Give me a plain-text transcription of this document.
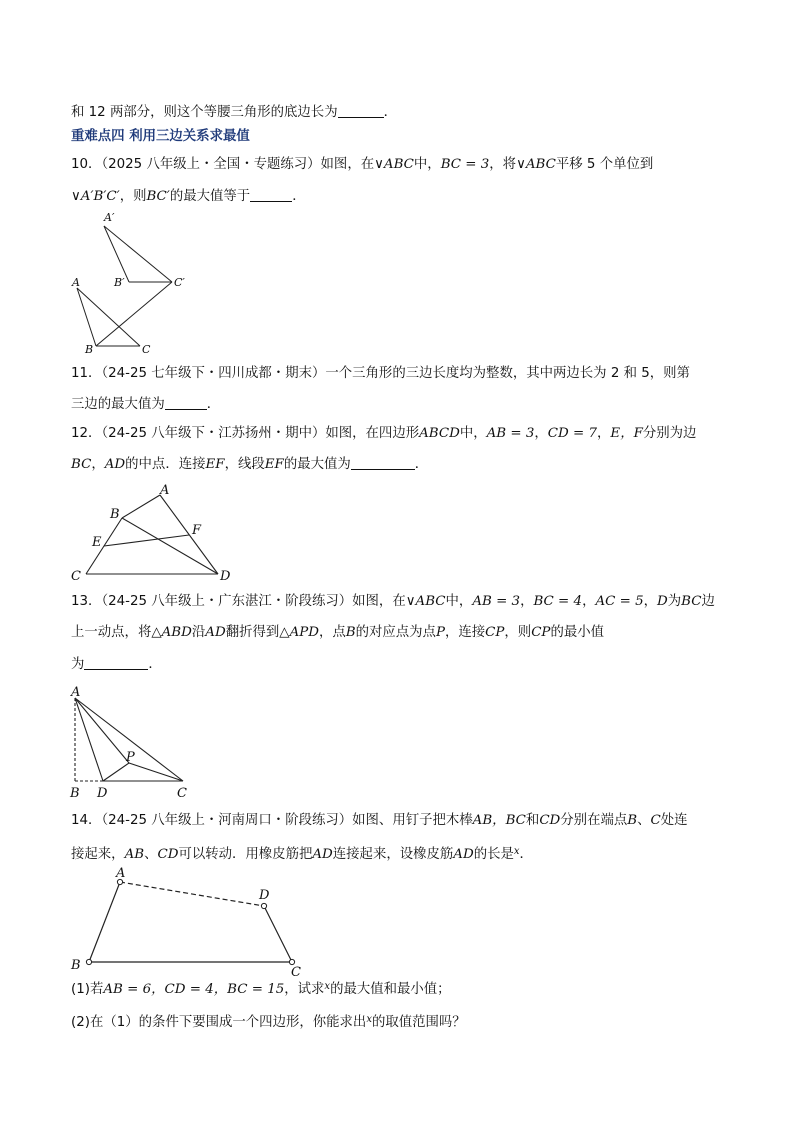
和 12 两部分，则这个等腰三角形的底边长为	．
重难点四 利用三边关系求最值
10．（2025 八年级上・全国・专题练习）如图，在∨ABC中，BC = 3，将∨ABC平移 5 个单位到
∨A′B′C′，则BC′的最大值等于	．
A′
B′	C′
A
B	C
11．（24-25 七年级下・四川成都・期末）一个三角形的三边长度均为整数，其中两边长为 2 和 5，则第
三边的最大值为	．
12．（24-25 八年级下・江苏扬州・期中）如图，在四边形ABCD中，AB = 3，CD = 7，E，F分别为边
BC，AD的中点．连接EF，线段EF的最大值为	．
A
B
F
E
C	D
13．（24-25 八年级上・广东湛江・阶段练习）如图，在∨ABC中，AB = 3，BC = 4，AC = 5，D为BC边
上一动点，将△ABD沿AD翻折得到△APD，点B的对应点为点P，连接CP，则CP的最小值
为	．
A
P
B D	C
14．（24-25 八年级上・河南周口・阶段练习）如图、用钉子把木棒AB，BC和CD分别在端点B、C处连
接起来，AB、CD可以转动．用橡皮筋把AD连接起来，设橡皮筋AD的长是$^x$．
A
D
B	C
(1)若AB = 6，CD = 4，BC = 15，试求$^x$的最大值和最小值；
(2)在（1）的条件下要围成一个四边形，你能求出$^x$的取值范围吗？
